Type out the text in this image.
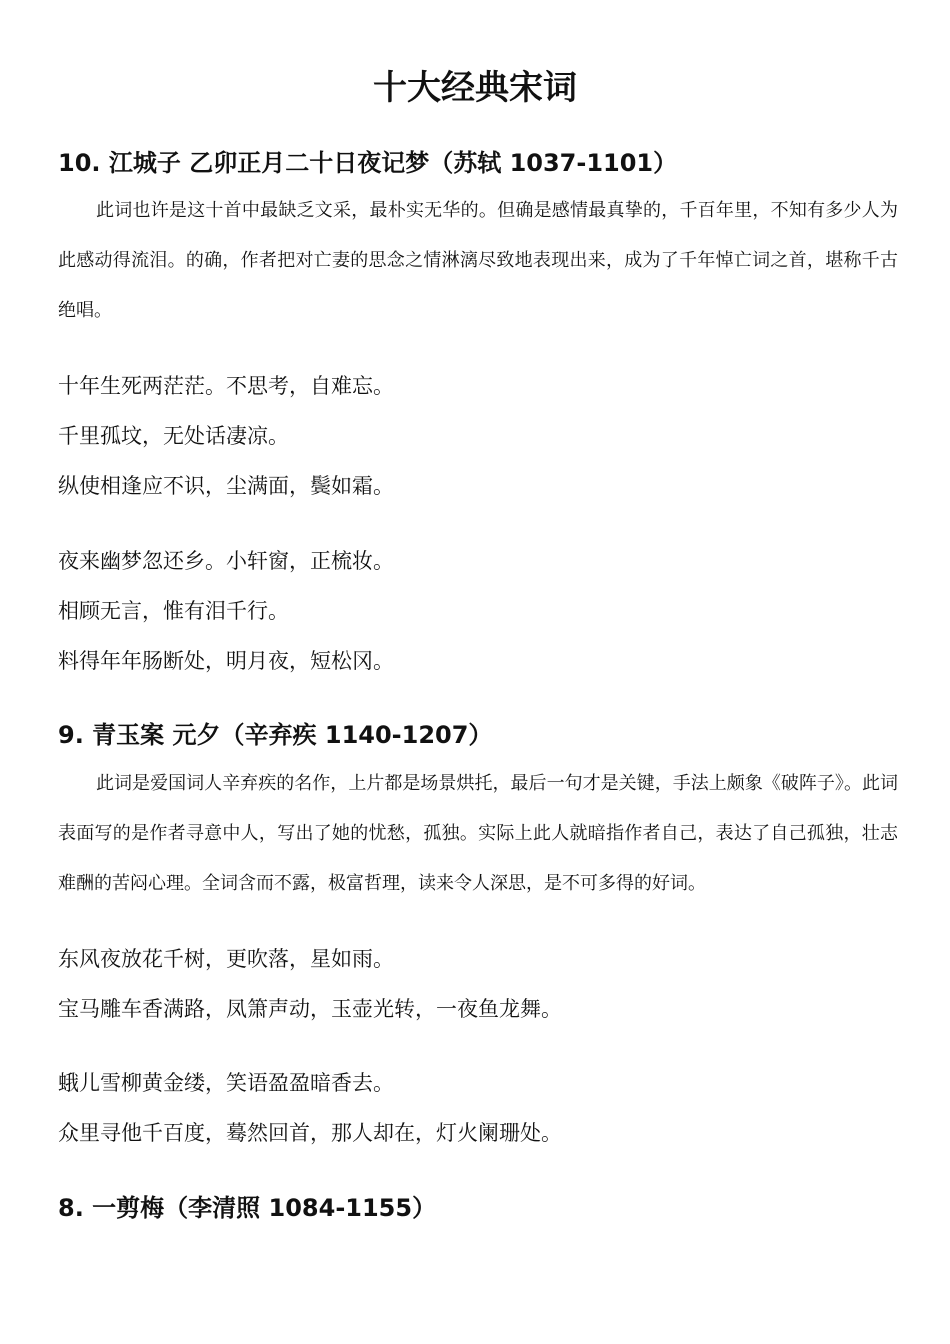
十大经典宋词
10. 江城子 乙卯正月二十日夜记梦（苏轼 1037-1101）

此词也许是这十首中最缺乏文采，最朴实无华的。但确是感情最真挚的，千百年里，不知有多少人为此感动得流泪。的确，作者把对亡妻的思念之情淋漓尽致地表现出来，成为了千年悼亡词之首，堪称千古绝唱。

十年生死两茫茫。不思考，自难忘。
千里孤坟，无处话凄凉。
纵使相逢应不识，尘满面，鬓如霜。
夜来幽梦忽还乡。小轩窗，正梳妆。
相顾无言，惟有泪千行。
料得年年肠断处，明月夜，短松冈。
9. 青玉案 元夕（辛弃疾 1140-1207）

此词是爱国词人辛弃疾的名作，上片都是场景烘托，最后一句才是关键，手法上颇象《破阵子》。此词表面写的是作者寻意中人，写出了她的忧愁，孤独。实际上此人就暗指作者自己，表达了自己孤独，壮志难酬的苦闷心理。全词含而不露，极富哲理，读来令人深思，是不可多得的好词。

东风夜放花千树，更吹落，星如雨。
宝马雕车香满路，凤箫声动，玉壶光转，一夜鱼龙舞。
蛾儿雪柳黄金缕，笑语盈盈暗香去。
众里寻他千百度，蓦然回首，那人却在，灯火阑珊处。
8. 一剪梅（李清照 1084-1155）
